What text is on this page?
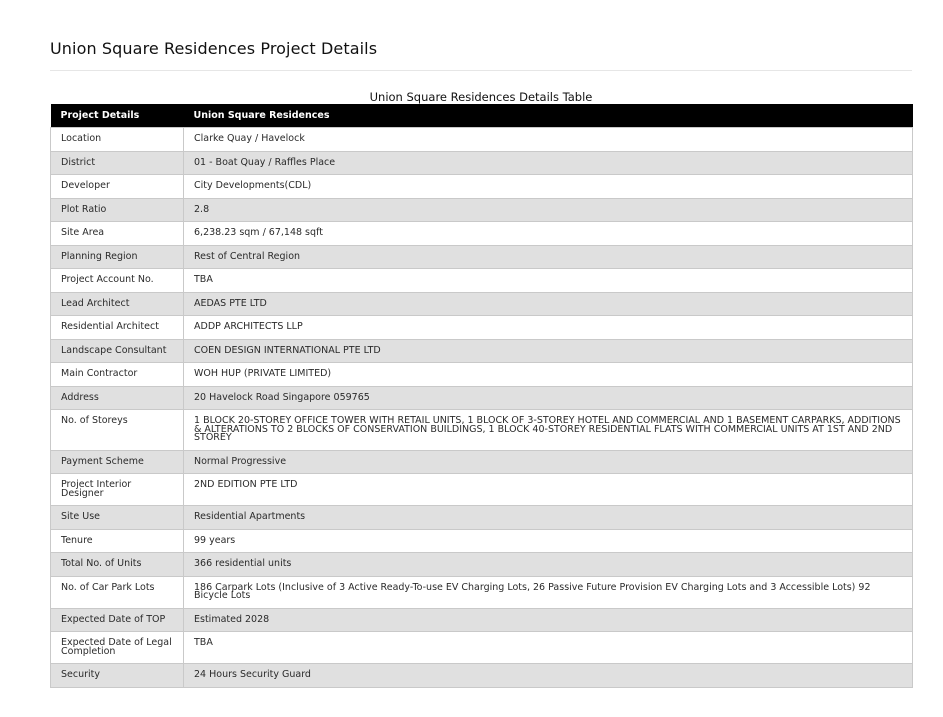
Union Square Residences Project Details
Union Square Residences Details Table
Project Details	Union Square Residences
Location	Clarke Quay / Havelock
District	01 - Boat Quay / Raffles Place
Developer	City Developments(CDL)
Plot Ratio	2.8
Site Area	6,238.23 sqm / 67,148 sqft
Planning Region	Rest of Central Region
Project Account No.	TBA
Lead Architect	AEDAS PTE LTD
Residential Architect	ADDP ARCHITECTS LLP
Landscape Consultant	COEN DESIGN INTERNATIONAL PTE LTD
Main Contractor	WOH HUP (PRIVATE LIMITED)
Address	20 Havelock Road Singapore 059765
No. of Storeys	1 BLOCK 20-STOREY OFFICE TOWER WITH RETAIL UNITS, 1 BLOCK OF 3-STOREY HOTEL AND COMMERCIAL AND 1 BASEMENT CARPARKS, ADDITIONS & ALTERATIONS TO 2 BLOCKS OF CONSERVATION BUILDINGS, 1 BLOCK 40-STOREY RESIDENTIAL FLATS WITH COMMERCIAL UNITS AT 1ST AND 2ND STOREY
Payment Scheme	Normal Progressive
Project Interior Designer	2ND EDITION PTE LTD
Site Use	Residential Apartments
Tenure	99 years
Total No. of Units	366 residential units
No. of Car Park Lots	186 Carpark Lots (Inclusive of 3 Active Ready-To-use EV Charging Lots, 26 Passive Future Provision EV Charging Lots and 3 Accessible Lots) 92 Bicycle Lots
Expected Date of TOP	Estimated 2028
Expected Date of Legal Completion	TBA
Security	24 Hours Security Guard
